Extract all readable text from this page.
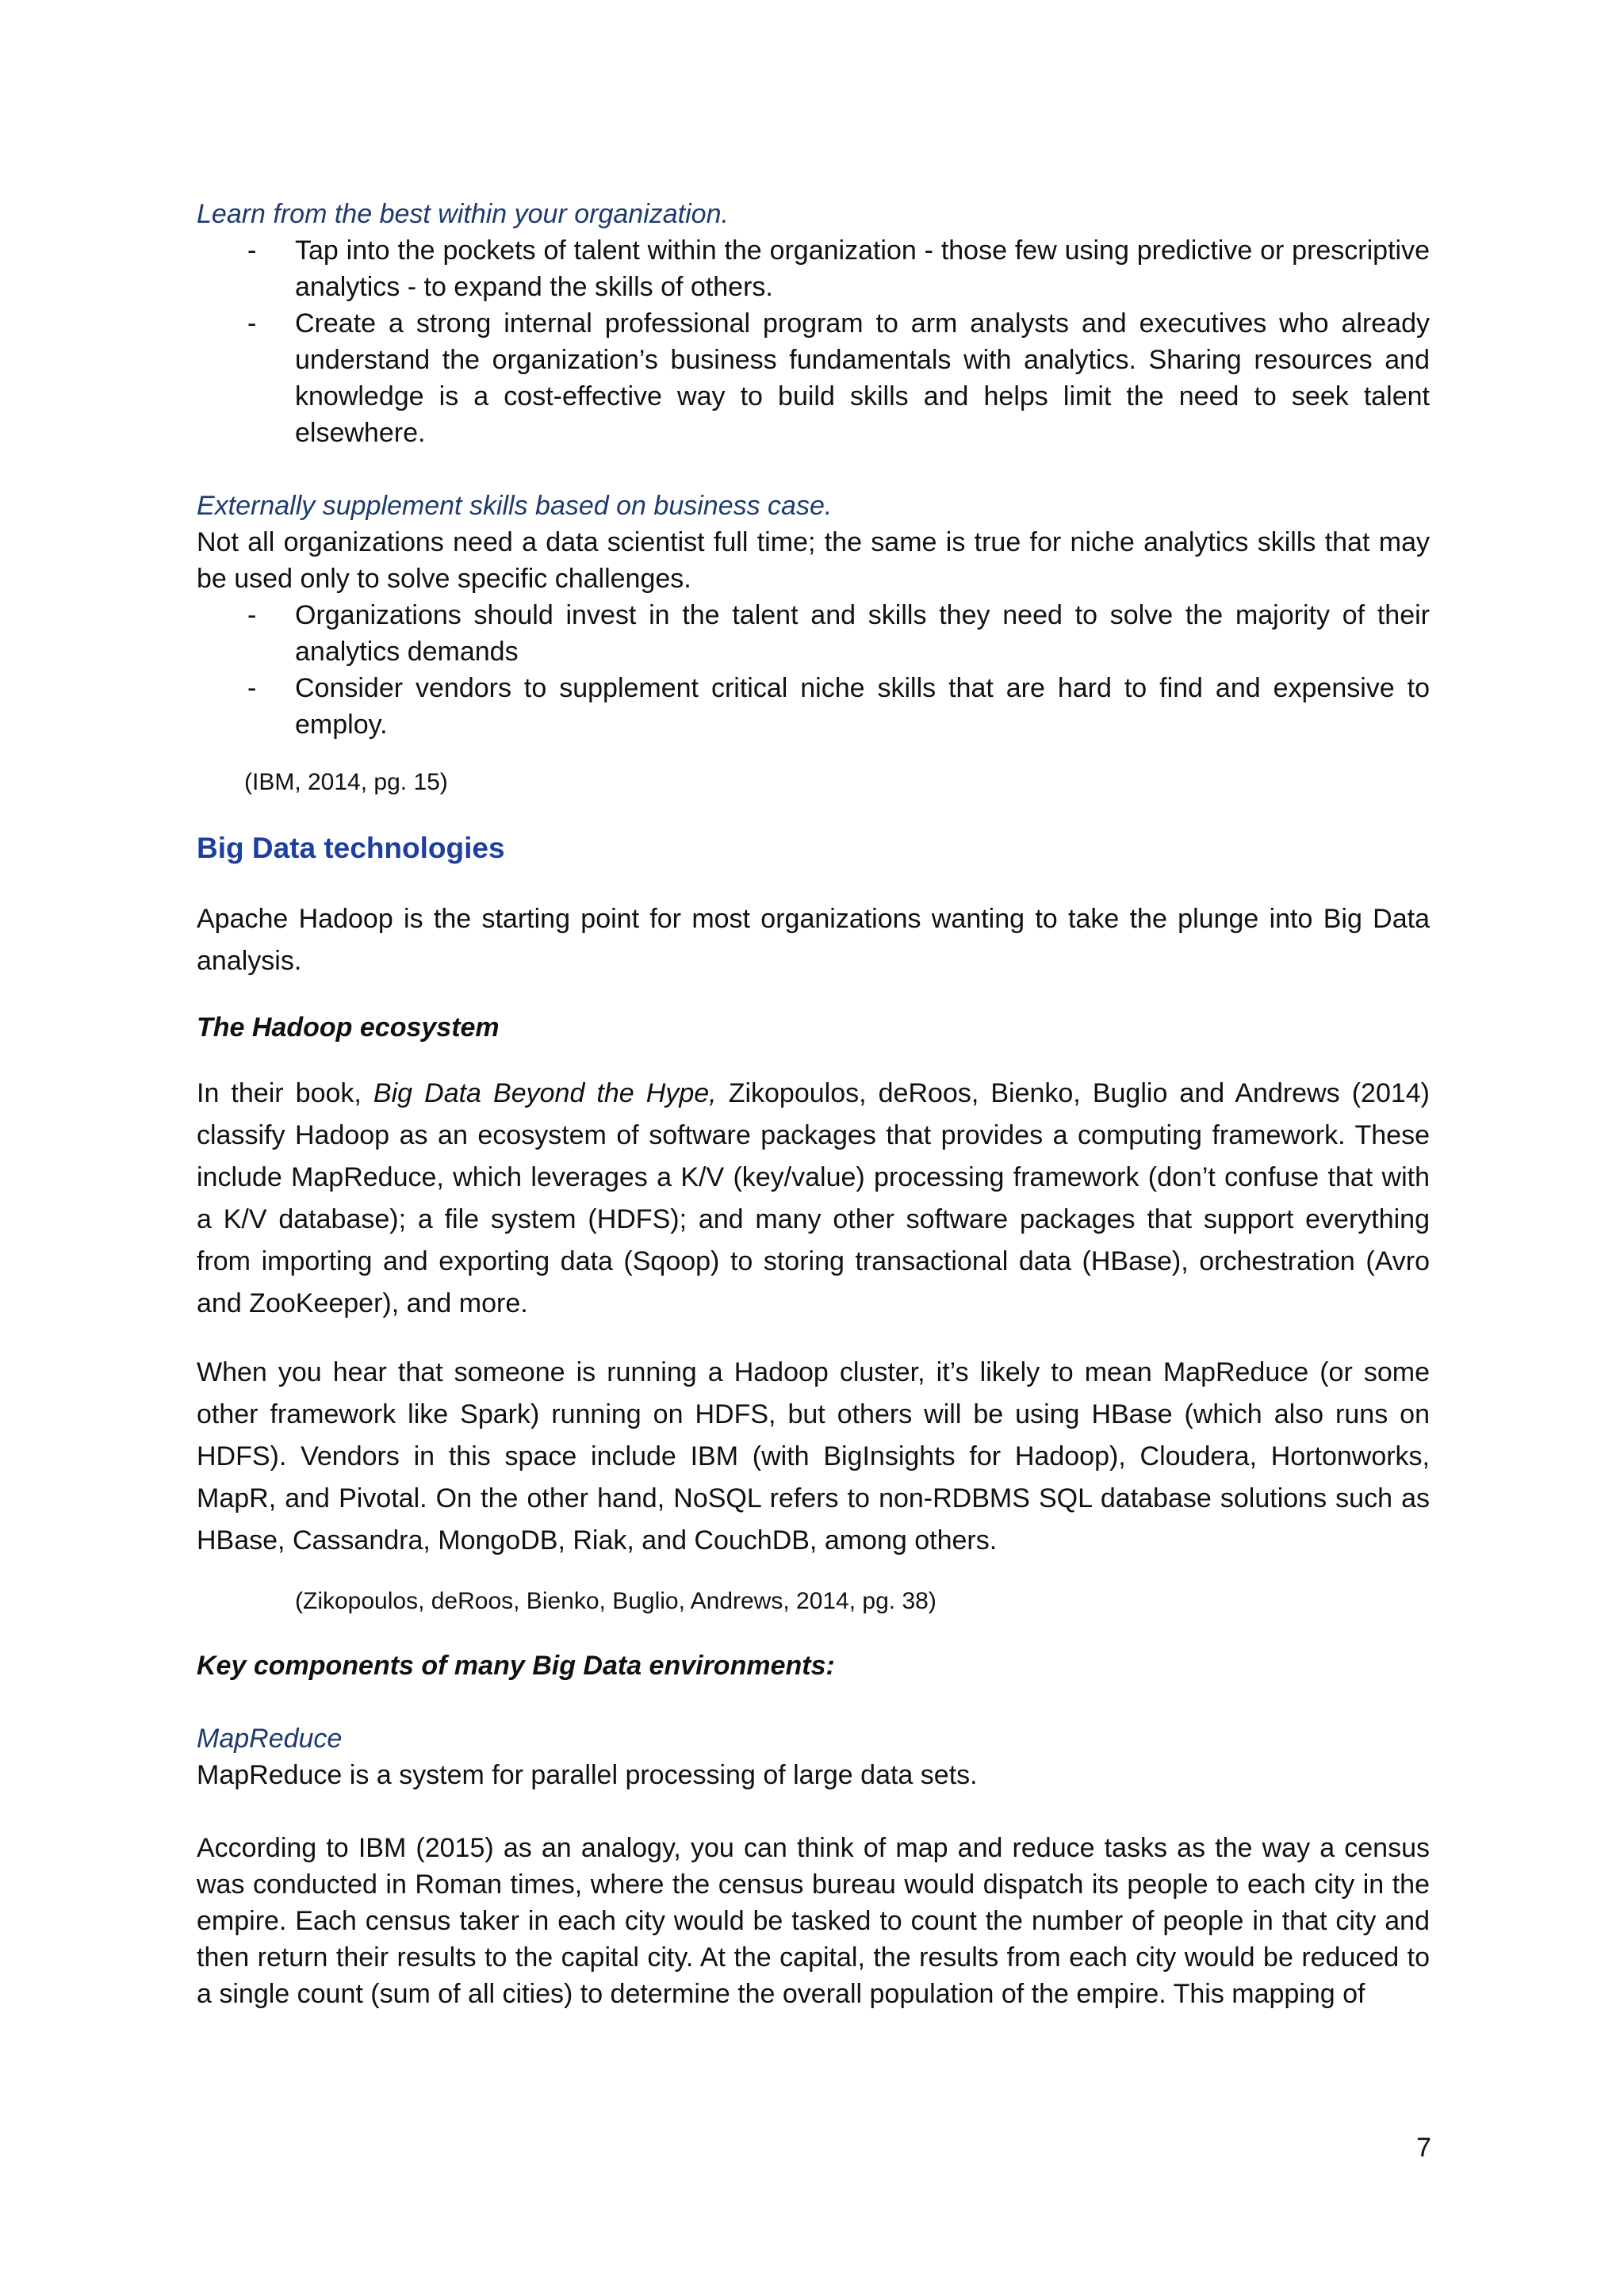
Learn from the best within your organization.

- Tap into the pockets of talent within the organization - those few using predictive or prescriptive analytics - to expand the skills of others.
- Create a strong internal professional program to arm analysts and executives who already understand the organization’s business fundamentals with analytics. Sharing resources and knowledge is a cost-effective way to build skills and helps limit the need to seek talent elsewhere.

Externally supplement skills based on business case.

Not all organizations need a data scientist full time; the same is true for niche analytics skills that may be used only to solve specific challenges.

- Organizations should invest in the talent and skills they need to solve the majority of their analytics demands
- Consider vendors to supplement critical niche skills that are hard to find and expensive to employ.
(IBM, 2014, pg. 15)
Big Data technologies

Apache Hadoop is the starting point for most organizations wanting to take the plunge into Big Data analysis.

The Hadoop ecosystem

In their book, Big Data Beyond the Hype, Zikopoulos, deRoos, Bienko, Buglio and Andrews (2014) classify Hadoop as an ecosystem of software packages that provides a computing framework. These include MapReduce, which leverages a K/V (key/value) processing framework (don’t confuse that with a K/V database); a file system (HDFS); and many other software packages that support everything from importing and exporting data (Sqoop) to storing transactional data (HBase), orchestration (Avro and ZooKeeper), and more.

When you hear that someone is running a Hadoop cluster, it’s likely to mean MapReduce (or some other framework like Spark) running on HDFS, but others will be using HBase (which also runs on HDFS). Vendors in this space include IBM (with BigInsights for Hadoop), Cloudera, Hortonworks, MapR, and Pivotal. On the other hand, NoSQL refers to non-RDBMS SQL database solutions such as HBase, Cassandra, MongoDB, Riak, and CouchDB, among others.

(Zikopoulos, deRoos, Bienko, Buglio, Andrews, 2014, pg. 38)
Key components of many Big Data environments:

MapReduce

MapReduce is a system for parallel processing of large data sets.

According to IBM (2015) as an analogy, you can think of map and reduce tasks as the way a census was conducted in Roman times, where the census bureau would dispatch its people to each city in the empire. Each census taker in each city would be tasked to count the number of people in that city and then return their results to the capital city. At the capital, the results from each city would be reduced to a single count (sum of all cities) to determine the overall population of the empire. This mapping of

7
